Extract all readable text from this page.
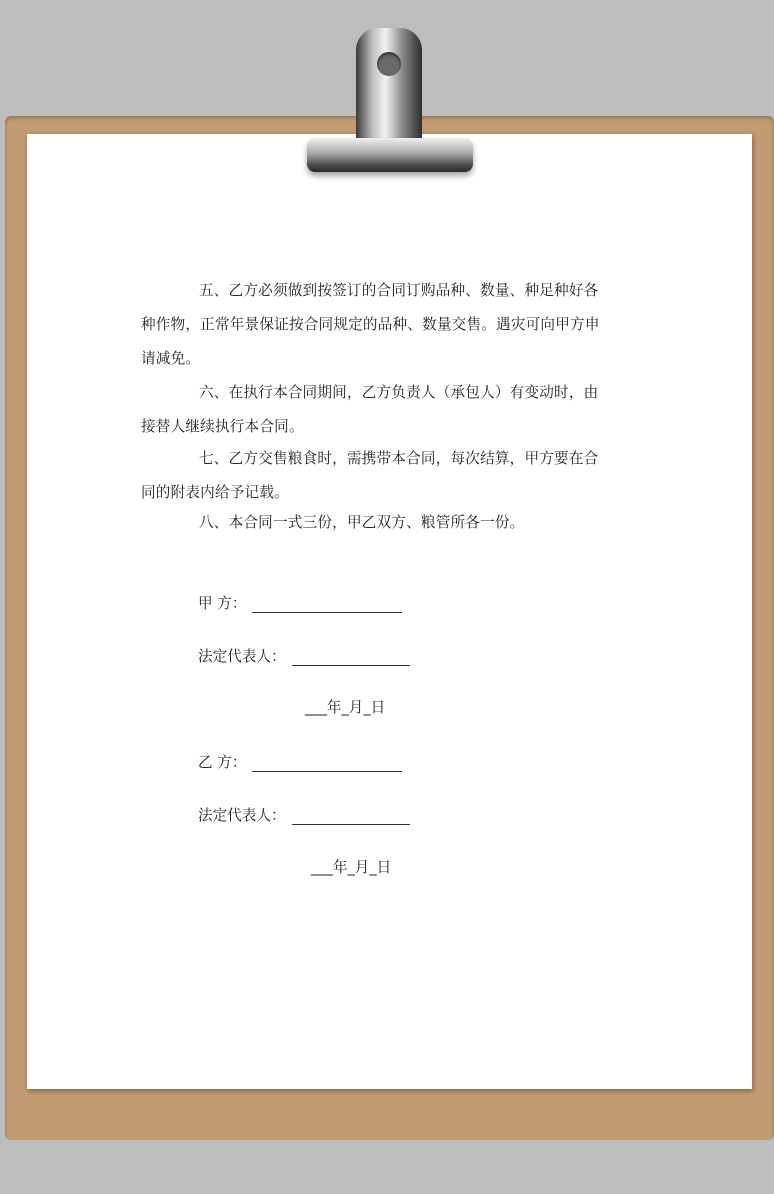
五、乙方必须做到按签订的合同订购品种、数量、种足种好各种作物，正常年景保证按合同规定的品种、数量交售。遇灾可向甲方申请减免。

六、在执行本合同期间，乙方负责人（承包人）有变动时，由接替人继续执行本合同。

七、乙方交售粮食时，需携带本合同，每次结算，甲方要在合同的附表内给予记载。

八、本合同一式三份，甲乙双方、粮管所各一份。

甲 方：
法定代表人：
___年_月_日
乙 方：
法定代表人：
___年_月_日
